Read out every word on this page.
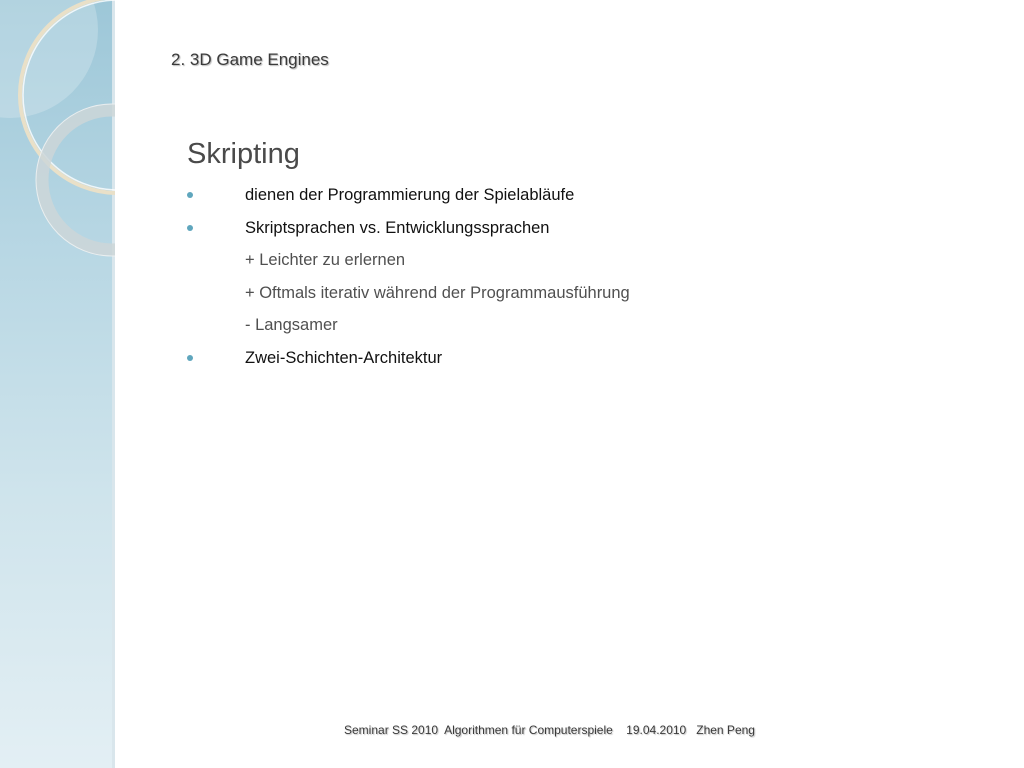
2. 3D Game Engines
Skripting
dienen der Programmierung der Spielabläufe
Skriptsprachen vs. Entwicklungssprachen
+ Leichter zu erlernen
+ Oftmals iterativ während der Programmausführung
- Langsamer
Zwei-Schichten-Architektur
Seminar SS 2010 Algorithmen für Computerspiele 19.04.2010 Zhen Peng
